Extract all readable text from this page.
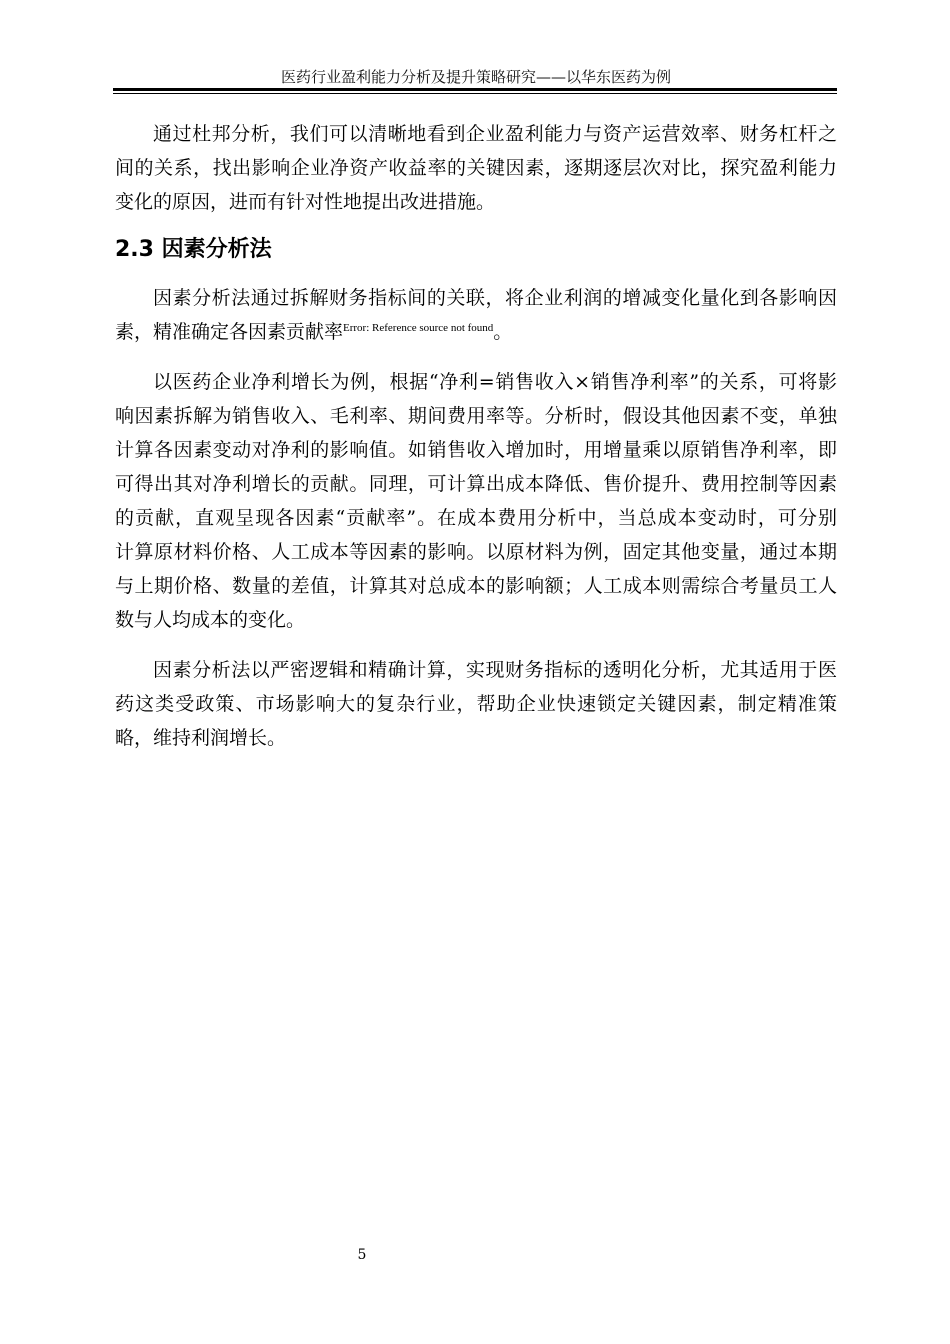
医药行业盈利能力分析及提升策略研究——以华东医药为例
通过杜邦分析，我们可以清晰地看到企业盈利能力与资产运营效率、财务杠杆之
间的关系，找出影响企业净资产收益率的关键因素，逐期逐层次对比，探究盈利能力
变化的原因，进而有针对性地提出改进措施。
2.3 因素分析法
因素分析法通过拆解财务指标间的关联，将企业利润的增减变化量化到各影响因
素，精准确定各因素贡献率$^{Error: Reference source not found}$。
以医药企业净利增长为例，根据“净利=销售收入×销售净利率”的关系，可将影
响因素拆解为销售收入、毛利率、期间费用率等。分析时，假设其他因素不变，单独
计算各因素变动对净利的影响值。如销售收入增加时，用增量乘以原销售净利率，即
可得出其对净利增长的贡献。同理，可计算出成本降低、售价提升、费用控制等因素
的贡献，直观呈现各因素“贡献率”。在成本费用分析中，当总成本变动时，可分别
计算原材料价格、人工成本等因素的影响。以原材料为例，固定其他变量，通过本期
与上期价格、数量的差值，计算其对总成本的影响额；人工成本则需综合考量员工人
数与人均成本的变化。
因素分析法以严密逻辑和精确计算，实现财务指标的透明化分析，尤其适用于医
药这类受政策、市场影响大的复杂行业，帮助企业快速锁定关键因素，制定精准策
略，维持利润增长。
5
